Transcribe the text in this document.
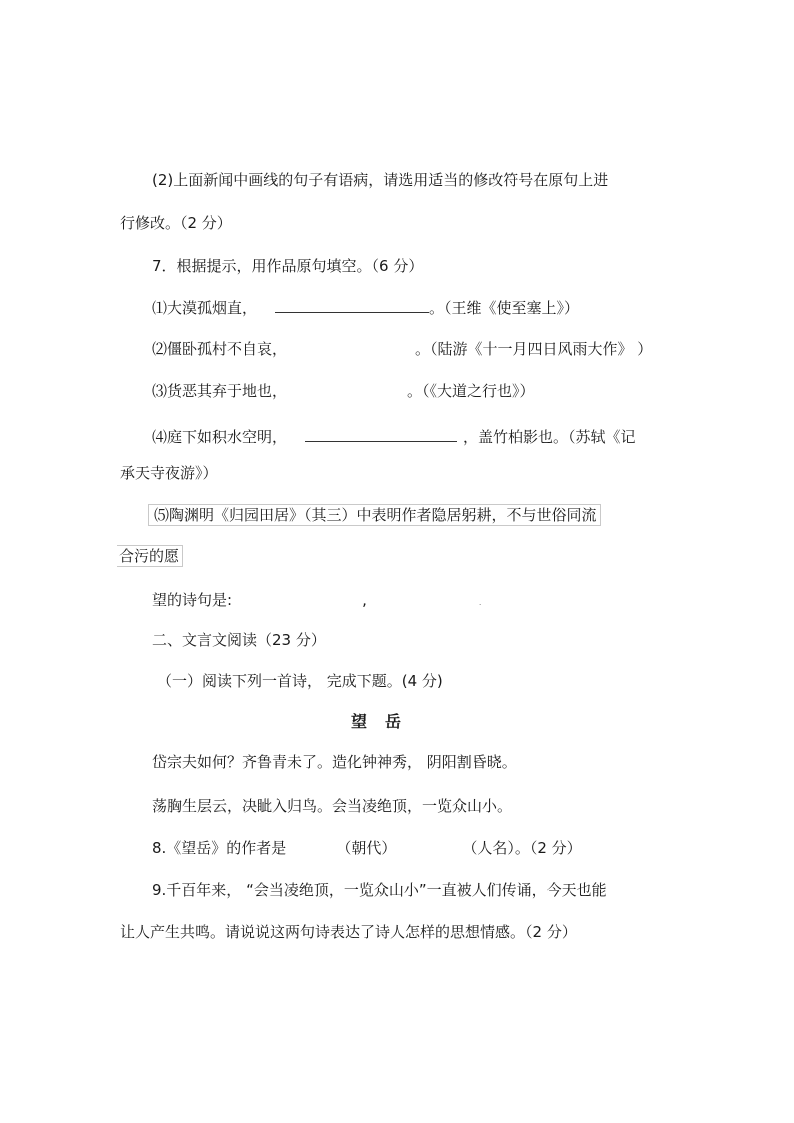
(2)上面新闻中画线的句子有语病，请选用适当的修改符号在原句上进
行修改。（2 分）
7．根据提示，用作品原句填空。（6 分）
⑴大漠孤烟直，	。（王维《使至塞上》）
⑵僵卧孤村不自哀，	。（陆游《十一月四日风雨大作》 ）
⑶货恶其弃于地也，	。（《大道之行也》）
⑷庭下如积水空明，	，盖竹柏影也。（苏轼《记
承天寺夜游》）
⑸陶渊明《归园田居》（其三）中表明作者隐居躬耕，不与世俗同流
合污的愿
望的诗句是:	,	.
二、文言文阅读（23 分）
（一）阅读下列一首诗， 完成下题。(4 分)
望　岳
岱宗夫如何？齐鲁青未了。造化钟神秀， 阴阳割昏晓。
荡胸生层云，决眦入归鸟。会当凌绝顶，一览众山小。
8.《望岳》的作者是	（朝代）	（人名）。（2 分）
9.千百年来， “会当凌绝顶，一览众山小”一直被人们传诵，今天也能
让人产生共鸣。请说说这两句诗表达了诗人怎样的思想情感。（2 分）
